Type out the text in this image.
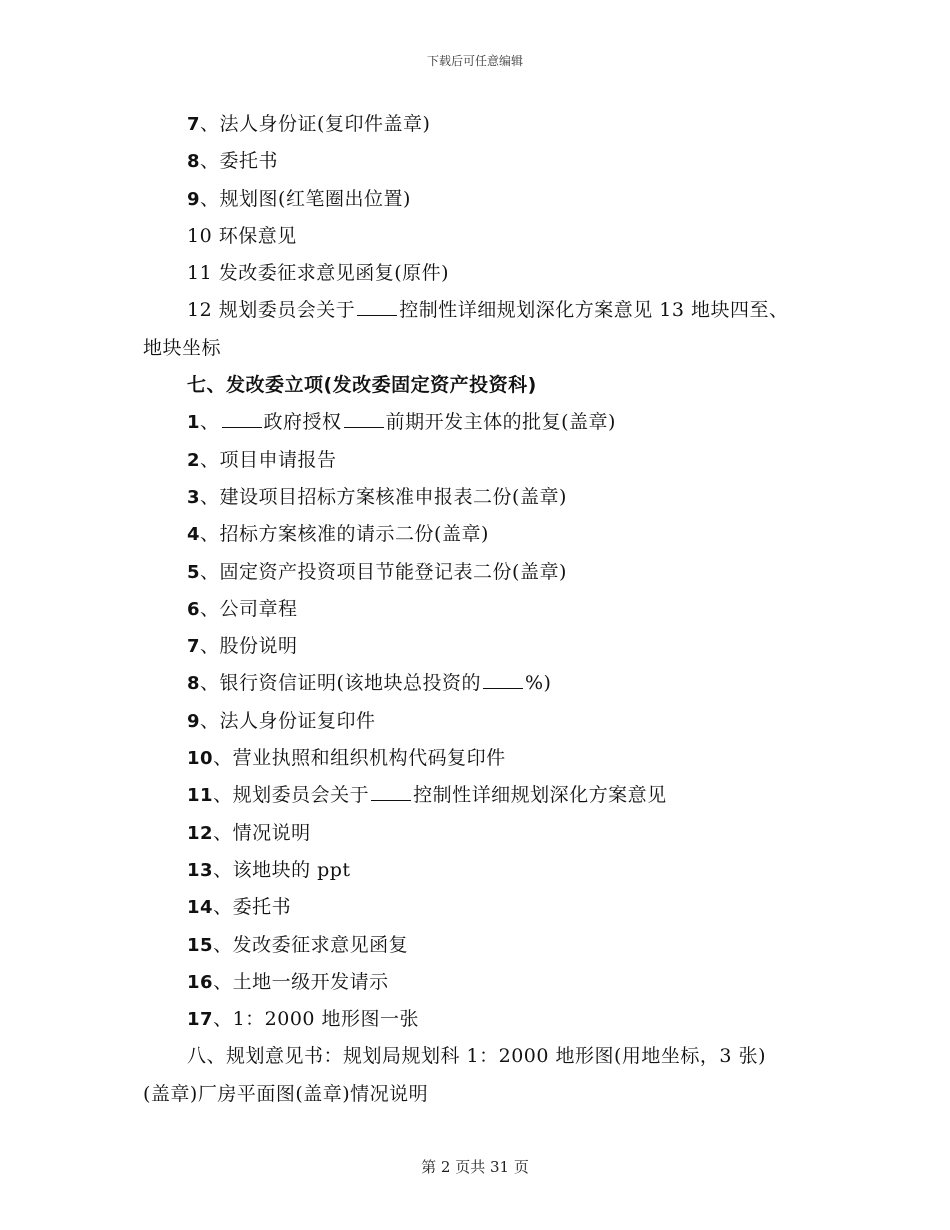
下载后可任意编辑
7、法人身份证(复印件盖章)
8、委托书
9、规划图(红笔圈出位置)
10 环保意见
11 发改委征求意见函复(原件)
12 规划委员会关于 控制性详细规划深化方案意见 13 地块四至、
地块坐标
七、发改委立项(发改委固定资产投资科)
1、 政府授权 前期开发主体的批复(盖章)
2、项目申请报告
3、建设项目招标方案核准申报表二份(盖章)
4、招标方案核准的请示二份(盖章)
5、固定资产投资项目节能登记表二份(盖章)
6、公司章程
7、股份说明
8、银行资信证明(该地块总投资的 %)
9、法人身份证复印件
10、营业执照和组织机构代码复印件
11、规划委员会关于 控制性详细规划深化方案意见
12、情况说明
13、该地块的 ppt
14、委托书
15、发改委征求意见函复
16、土地一级开发请示
17、1：2000 地形图一张
八、规划意见书：规划局规划科 1：2000 地形图(用地坐标，3 张)
(盖章)厂房平面图(盖章)情况说明
第 2 页共 31 页
